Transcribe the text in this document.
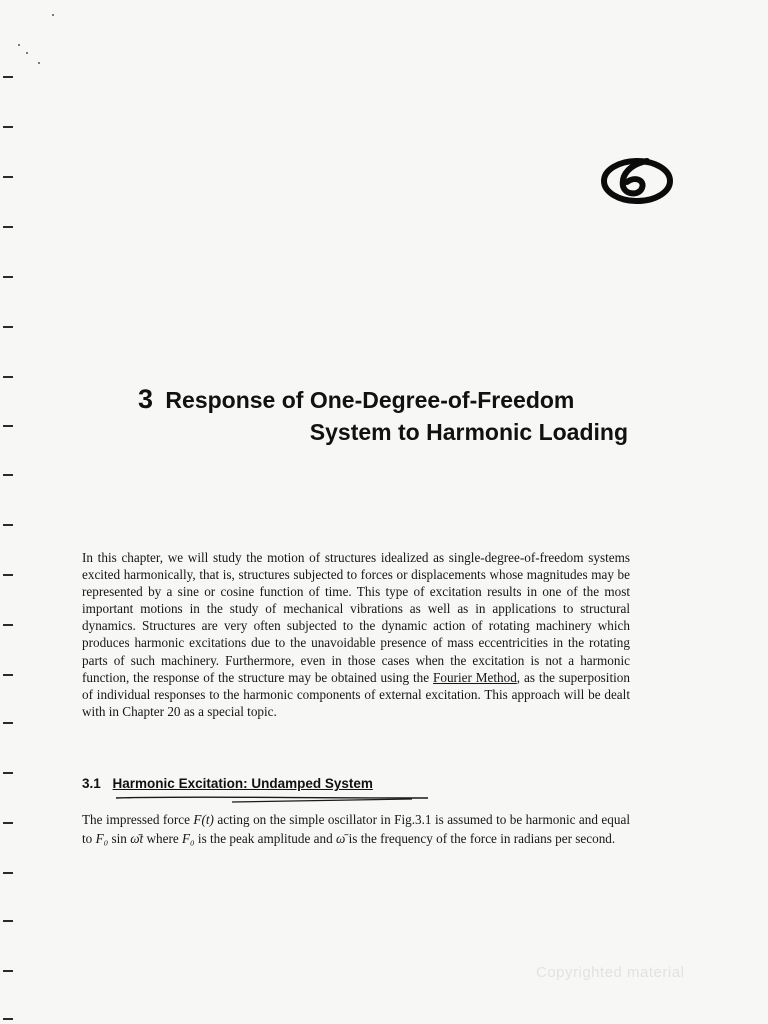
6
3 Response of One-Degree-of-Freedom
System to Harmonic Loading

In this chapter, we will study the motion of structures idealized as single-degree-of-freedom systems excited harmonically, that is, structures subjected to forces or displacements whose magnitudes may be represented by a sine or cosine function of time. This type of excitation results in one of the most important motions in the study of mechanical vibrations as well as in applications to structural dynamics. Structures are very often subjected to the dynamic action of rotating machinery which produces harmonic excitations due to the unavoidable presence of mass eccentricities in the rotating parts of such machinery. Furthermore, even in those cases when the excitation is not a harmonic function, the response of the structure may be obtained using the Fourier Method, as the superposition of individual responses to the harmonic components of external excitation. This approach will be dealt with in Chapter 20 as a special topic.

3.1 Harmonic Excitation: Undamped System

The impressed force F(t) acting on the simple oscillator in Fig.3.1 is assumed to be harmonic and equal to F₀ sin ω̄t where F₀ is the peak amplitude and ω̄ is the frequency of the force in radians per second.

Copyrighted material
